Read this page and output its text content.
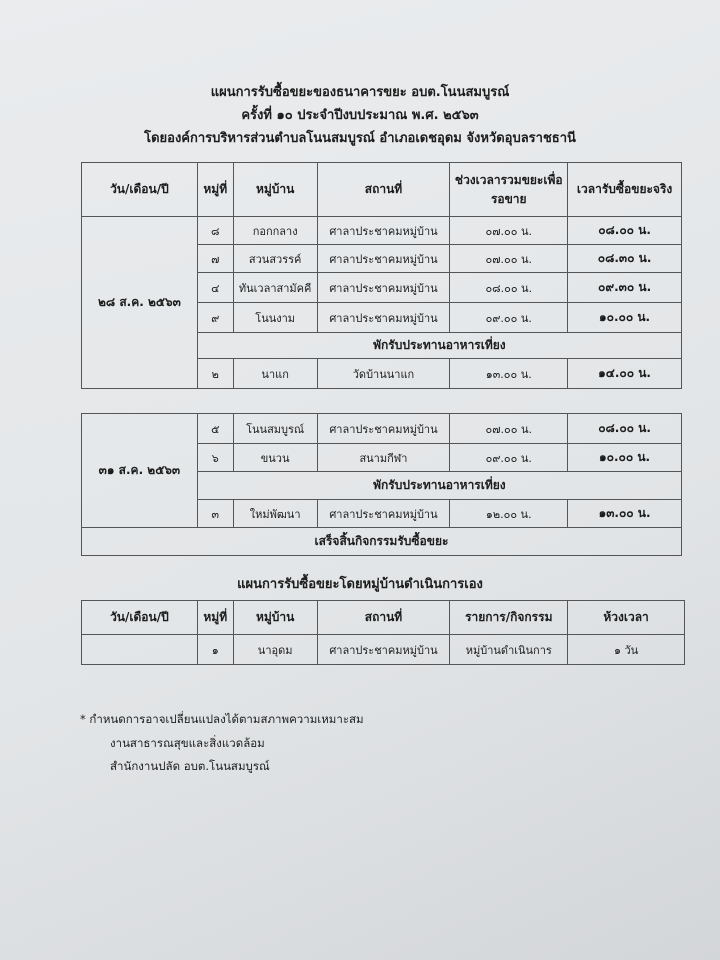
แผนการรับซื้อขยะของธนาคารขยะ อบต.โนนสมบูรณ์
ครั้งที่ ๑๐ ประจำปีงบประมาณ พ.ศ. ๒๕๖๓
โดยองค์การบริหารส่วนตำบลโนนสมบูรณ์ อำเภอเดชอุดม จังหวัดอุบลราชธานี
วัน/เดือน/ปี	หมู่ที่	หมู่บ้าน	สถานที่	ช่วงเวลารวมขยะเพื่อรอขาย	เวลารับซื้อขยะจริง
๒๘ ส.ค. ๒๕๖๓	๘	กอกกลาง	ศาลาประชาคมหมู่บ้าน	๐๗.๐๐ น.	๐๘.๐๐ น.
	๗	สวนสวรรค์	ศาลาประชาคมหมู่บ้าน	๐๗.๐๐ น.	๐๘.๓๐ น.
	๔	ทันเวลาสามัคคี	ศาลาประชาคมหมู่บ้าน	๐๘.๐๐ น.	๐๙.๓๐ น.
	๙	โนนงาม	ศาลาประชาคมหมู่บ้าน	๐๙.๐๐ น.	๑๐.๐๐ น.
	พักรับประทานอาหารเที่ยง				
	๒	นาแก	วัดบ้านนาแก	๑๓.๐๐ น.	๑๔.๐๐ น.
๓๑ ส.ค. ๒๕๖๓	๕	โนนสมบูรณ์	ศาลาประชาคมหมู่บ้าน	๐๗.๐๐ น.	๐๘.๐๐ น.
	๖	ขนวน	สนามกีฬา	๐๙.๐๐ น.	๑๐.๐๐ น.
	พักรับประทานอาหารเที่ยง				
	๓	ใหม่พัฒนา	ศาลาประชาคมหมู่บ้าน	๑๒.๐๐ น.	๑๓.๐๐ น.
เสร็จสิ้นกิจกรรมรับซื้อขยะ					
แผนการรับซื้อขยะโดยหมู่บ้านดำเนินการเอง
วัน/เดือน/ปี	หมู่ที่	หมู่บ้าน	สถานที่	รายการ/กิจกรรม	ห้วงเวลา
	๑	นาอุดม	ศาลาประชาคมหมู่บ้าน	หมู่บ้านดำเนินการ	๑ วัน
* กำหนดการอาจเปลี่ยนแปลงได้ตามสภาพความเหมาะสม
งานสาธารณสุขและสิ่งแวดล้อม
สำนักงานปลัด อบต.โนนสมบูรณ์
